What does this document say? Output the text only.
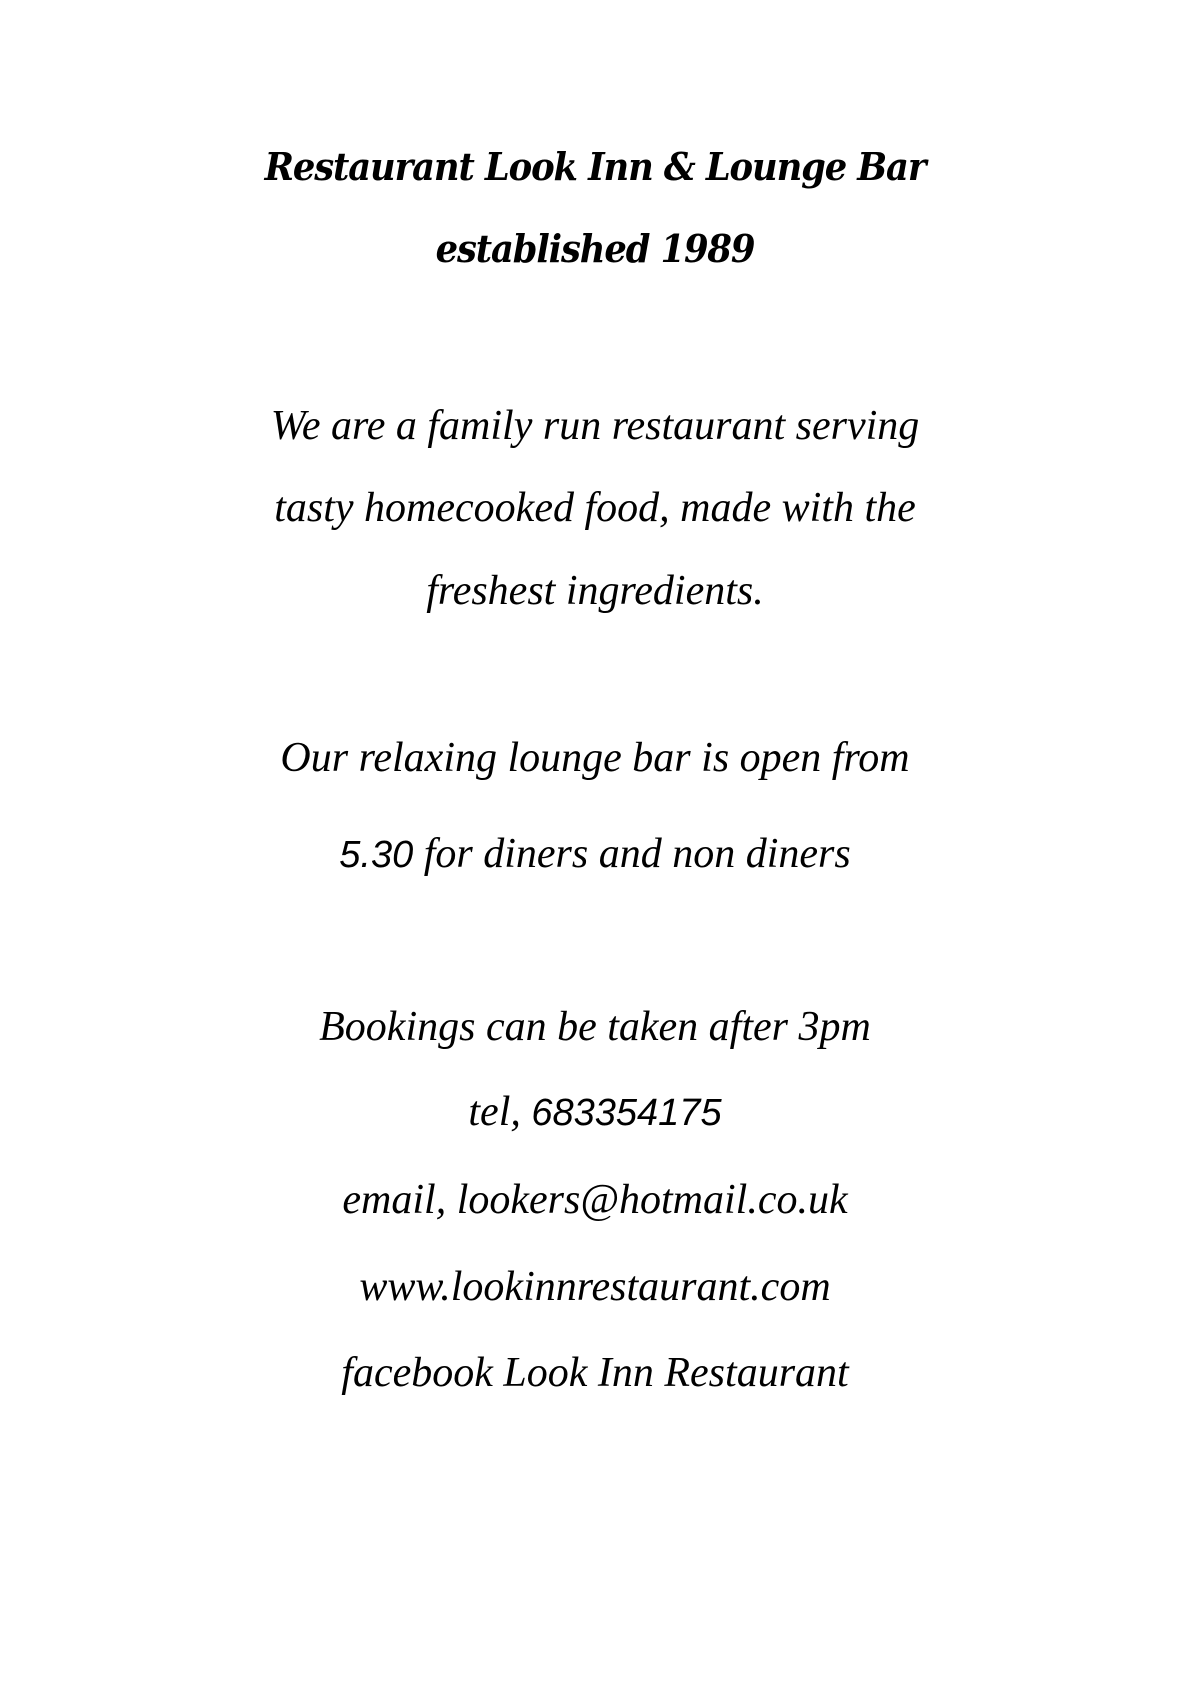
Restaurant Look Inn & Lounge Bar
established 1989
We are a family run restaurant serving
tasty homecooked food, made with the
freshest ingredients.
Our relaxing lounge bar is open from
5.30 for diners and non diners
Bookings can be taken after 3pm
tel, 683354175
email, lookers@hotmail.co.uk
www.lookinnrestaurant.com
facebook Look Inn Restaurant
